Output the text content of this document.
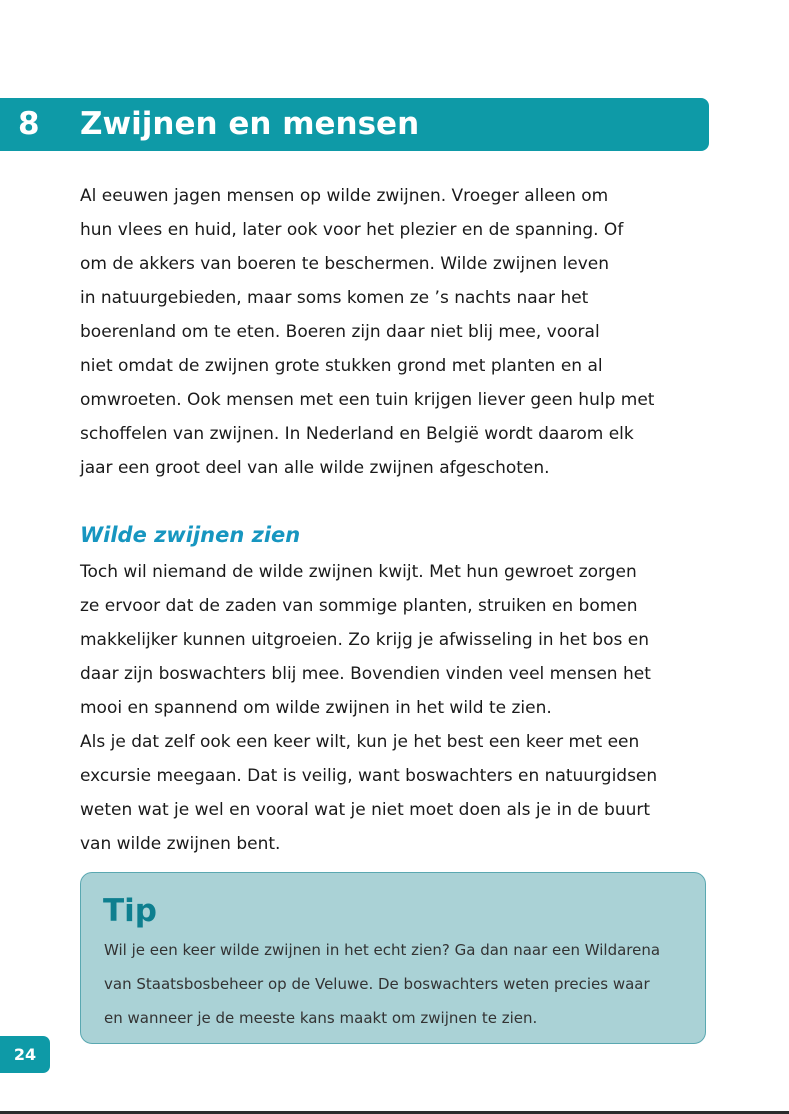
8 Zwijnen en mensen
Al eeuwen jagen mensen op wilde zwijnen. Vroeger alleen om
hun vlees en huid, later ook voor het plezier en de spanning. Of
om de akkers van boeren te beschermen. Wilde zwijnen leven
in natuurgebieden, maar soms komen ze ’s nachts naar het
boerenland om te eten. Boeren zijn daar niet blij mee, vooral
niet omdat de zwijnen grote stukken grond met planten en al
omwroeten. Ook mensen met een tuin krijgen liever geen hulp met
schoffelen van zwijnen. In Nederland en België wordt daarom elk
jaar een groot deel van alle wilde zwijnen afgeschoten.
Wilde zwijnen zien
Toch wil niemand de wilde zwijnen kwijt. Met hun gewroet zorgen
ze ervoor dat de zaden van sommige planten, struiken en bomen
makkelijker kunnen uitgroeien. Zo krijg je afwisseling in het bos en
daar zijn boswachters blij mee. Bovendien vinden veel mensen het
mooi en spannend om wilde zwijnen in het wild te zien.
Als je dat zelf ook een keer wilt, kun je het best een keer met een
excursie meegaan. Dat is veilig, want boswachters en natuurgidsen
weten wat je wel en vooral wat je niet moet doen als je in de buurt
van wilde zwijnen bent.
Tip
Wil je een keer wilde zwijnen in het echt zien? Ga dan naar een Wildarena
van Staatsbosbeheer op de Veluwe. De boswachters weten precies waar
en wanneer je de meeste kans maakt om zwijnen te zien.
24
